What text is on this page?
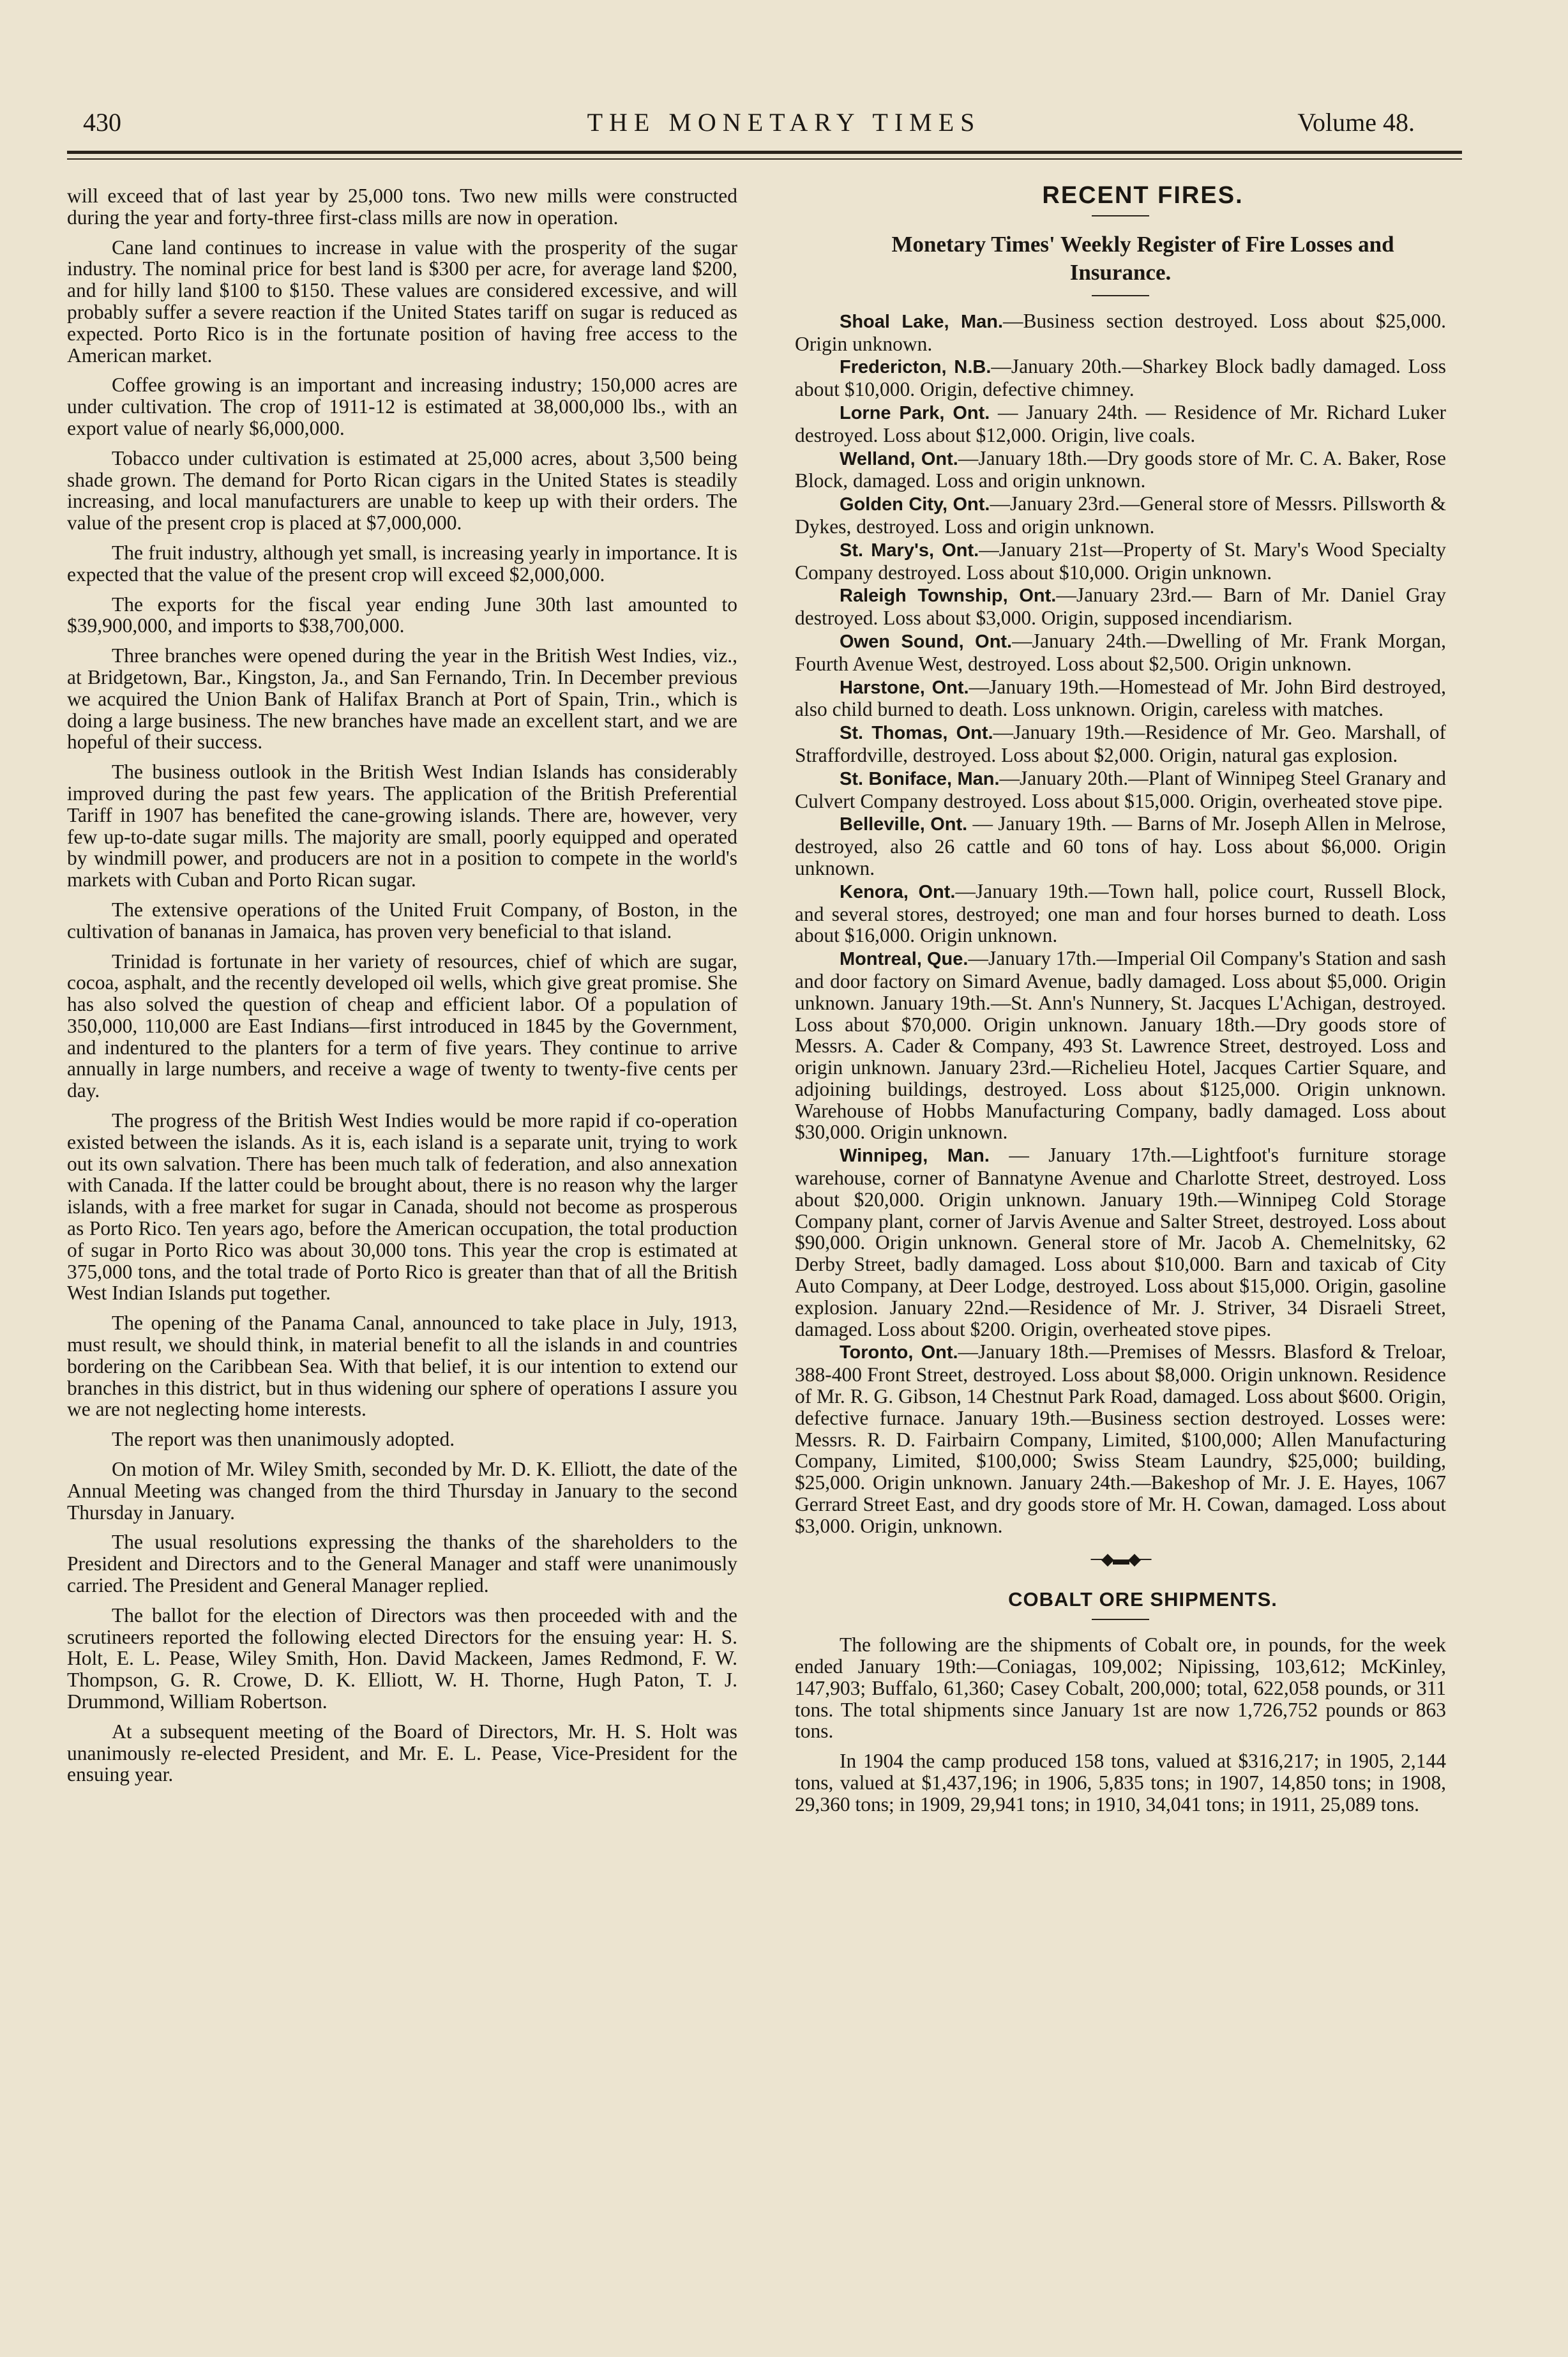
430	THE MONETARY TIMES	Volume 48.

will exceed that of last year by 25,000 tons. Two new mills were constructed during the year and forty-three first-class mills are now in operation.

Cane land continues to increase in value with the prosperity of the sugar industry. The nominal price for best land is $300 per acre, for average land $200, and for hilly land $100 to $150. These values are considered excessive, and will probably suffer a severe reaction if the United States tariff on sugar is reduced as expected. Porto Rico is in the fortunate position of having free access to the American market.

Coffee growing is an important and increasing industry; 150,000 acres are under cultivation. The crop of 1911-12 is estimated at 38,000,000 lbs., with an export value of nearly $6,000,000.

Tobacco under cultivation is estimated at 25,000 acres, about 3,500 being shade grown. The demand for Porto Rican cigars in the United States is steadily increasing, and local manufacturers are unable to keep up with their orders. The value of the present crop is placed at $7,000,000.

The fruit industry, although yet small, is increasing yearly in importance. It is expected that the value of the present crop will exceed $2,000,000.

The exports for the fiscal year ending June 30th last amounted to $39,900,000, and imports to $38,700,000.

Three branches were opened during the year in the British West Indies, viz., at Bridgetown, Bar., Kingston, Ja., and San Fernando, Trin. In December previous we acquired the Union Bank of Halifax Branch at Port of Spain, Trin., which is doing a large business. The new branches have made an excellent start, and we are hopeful of their success.

The business outlook in the British West Indian Islands has considerably improved during the past few years. The application of the British Preferential Tariff in 1907 has benefited the cane-growing islands. There are, however, very few up-to-date sugar mills. The majority are small, poorly equipped and operated by windmill power, and producers are not in a position to compete in the world's markets with Cuban and Porto Rican sugar.

The extensive operations of the United Fruit Company, of Boston, in the cultivation of bananas in Jamaica, has proven very beneficial to that island.

Trinidad is fortunate in her variety of resources, chief of which are sugar, cocoa, asphalt, and the recently developed oil wells, which give great promise. She has also solved the question of cheap and efficient labor. Of a population of 350,000, 110,000 are East Indians—first introduced in 1845 by the Government, and indentured to the planters for a term of five years. They continue to arrive annually in large numbers, and receive a wage of twenty to twenty-five cents per day.

The progress of the British West Indies would be more rapid if co-operation existed between the islands. As it is, each island is a separate unit, trying to work out its own salvation. There has been much talk of federation, and also annexation with Canada. If the latter could be brought about, there is no reason why the larger islands, with a free market for sugar in Canada, should not become as prosperous as Porto Rico. Ten years ago, before the American occupation, the total production of sugar in Porto Rico was about 30,000 tons. This year the crop is estimated at 375,000 tons, and the total trade of Porto Rico is greater than that of all the British West Indian Islands put together.

The opening of the Panama Canal, announced to take place in July, 1913, must result, we should think, in material benefit to all the islands in and countries bordering on the Caribbean Sea. With that belief, it is our intention to extend our branches in this district, but in thus widening our sphere of operations I assure you we are not neglecting home interests.

The report was then unanimously adopted.

On motion of Mr. Wiley Smith, seconded by Mr. D. K. Elliott, the date of the Annual Meeting was changed from the third Thursday in January to the second Thursday in January.

The usual resolutions expressing the thanks of the shareholders to the President and Directors and to the General Manager and staff were unanimously carried. The President and General Manager replied.

The ballot for the election of Directors was then proceeded with and the scrutineers reported the following elected Directors for the ensuing year: H. S. Holt, E. L. Pease, Wiley Smith, Hon. David Mackeen, James Redmond, F. W. Thompson, G. R. Crowe, D. K. Elliott, W. H. Thorne, Hugh Paton, T. J. Drummond, William Robertson.

At a subsequent meeting of the Board of Directors, Mr. H. S. Holt was unanimously re-elected President, and Mr. E. L. Pease, Vice-President for the ensuing year.

RECENT FIRES.

Monetary Times' Weekly Register of Fire Losses and Insurance.

Shoal Lake, Man.—Business section destroyed. Loss about $25,000. Origin unknown.

Fredericton, N.B.—January 20th.—Sharkey Block badly damaged. Loss about $10,000. Origin, defective chimney.

Lorne Park, Ont. — January 24th. — Residence of Mr. Richard Luker destroyed. Loss about $12,000. Origin, live coals.

Welland, Ont.—January 18th.—Dry goods store of Mr. C. A. Baker, Rose Block, damaged. Loss and origin unknown.

Golden City, Ont.—January 23rd.—General store of Messrs. Pillsworth & Dykes, destroyed. Loss and origin unknown.

St. Mary's, Ont.—January 21st—Property of St. Mary's Wood Specialty Company destroyed. Loss about $10,000. Origin unknown.

Raleigh Township, Ont.—January 23rd.— Barn of Mr. Daniel Gray destroyed. Loss about $3,000. Origin, supposed incendiarism.

Owen Sound, Ont.—January 24th.—Dwelling of Mr. Frank Morgan, Fourth Avenue West, destroyed. Loss about $2,500. Origin unknown.

Harstone, Ont.—January 19th.—Homestead of Mr. John Bird destroyed, also child burned to death. Loss unknown. Origin, careless with matches.

St. Thomas, Ont.—January 19th.—Residence of Mr. Geo. Marshall, of Straffordville, destroyed. Loss about $2,000. Origin, natural gas explosion.

St. Boniface, Man.—January 20th.—Plant of Winnipeg Steel Granary and Culvert Company destroyed. Loss about $15,000. Origin, overheated stove pipe.

Belleville, Ont. — January 19th. — Barns of Mr. Joseph Allen in Melrose, destroyed, also 26 cattle and 60 tons of hay. Loss about $6,000. Origin unknown.

Kenora, Ont.—January 19th.—Town hall, police court, Russell Block, and several stores, destroyed; one man and four horses burned to death. Loss about $16,000. Origin unknown.

Montreal, Que.—January 17th.—Imperial Oil Company's Station and sash and door factory on Simard Avenue, badly damaged. Loss about $5,000. Origin unknown. January 19th.—St. Ann's Nunnery, St. Jacques L'Achigan, destroyed. Loss about $70,000. Origin unknown. January 18th.—Dry goods store of Messrs. A. Cader & Company, 493 St. Lawrence Street, destroyed. Loss and origin unknown. January 23rd.—Richelieu Hotel, Jacques Cartier Square, and adjoining buildings, destroyed. Loss about $125,000. Origin unknown. Warehouse of Hobbs Manufacturing Company, badly damaged. Loss about $30,000. Origin unknown.

Winnipeg, Man. — January 17th.—Lightfoot's furniture storage warehouse, corner of Bannatyne Avenue and Charlotte Street, destroyed. Loss about $20,000. Origin unknown. January 19th.—Winnipeg Cold Storage Company plant, corner of Jarvis Avenue and Salter Street, destroyed. Loss about $90,000. Origin unknown. General store of Mr. Jacob A. Chemelnitsky, 62 Derby Street, badly damaged. Loss about $10,000. Barn and taxicab of City Auto Company, at Deer Lodge, destroyed. Loss about $15,000. Origin, gasoline explosion. January 22nd.—Residence of Mr. J. Striver, 34 Disraeli Street, damaged. Loss about $200. Origin, overheated stove pipes.

Toronto, Ont.—January 18th.—Premises of Messrs. Blasford & Treloar, 388-400 Front Street, destroyed. Loss about $8,000. Origin unknown. Residence of Mr. R. G. Gibson, 14 Chestnut Park Road, damaged. Loss about $600. Origin, defective furnace. January 19th.—Business section destroyed. Losses were: Messrs. R. D. Fairbairn Company, Limited, $100,000; Allen Manufacturing Company, Limited, $100,000; Swiss Steam Laundry, $25,000; building, $25,000. Origin unknown. January 24th.—Bakeshop of Mr. J. E. Hayes, 1067 Gerrard Street East, and dry goods store of Mr. H. Cowan, damaged. Loss about $3,000. Origin, unknown.

─◆▬◆─

COBALT ORE SHIPMENTS.

The following are the shipments of Cobalt ore, in pounds, for the week ended January 19th:—Coniagas, 109,002; Nipissing, 103,612; McKinley, 147,903; Buffalo, 61,360; Casey Cobalt, 200,000; total, 622,058 pounds, or 311 tons. The total shipments since January 1st are now 1,726,752 pounds or 863 tons.

In 1904 the camp produced 158 tons, valued at $316,217; in 1905, 2,144 tons, valued at $1,437,196; in 1906, 5,835 tons; in 1907, 14,850 tons; in 1908, 29,360 tons; in 1909, 29,941 tons; in 1910, 34,041 tons; in 1911, 25,089 tons.
